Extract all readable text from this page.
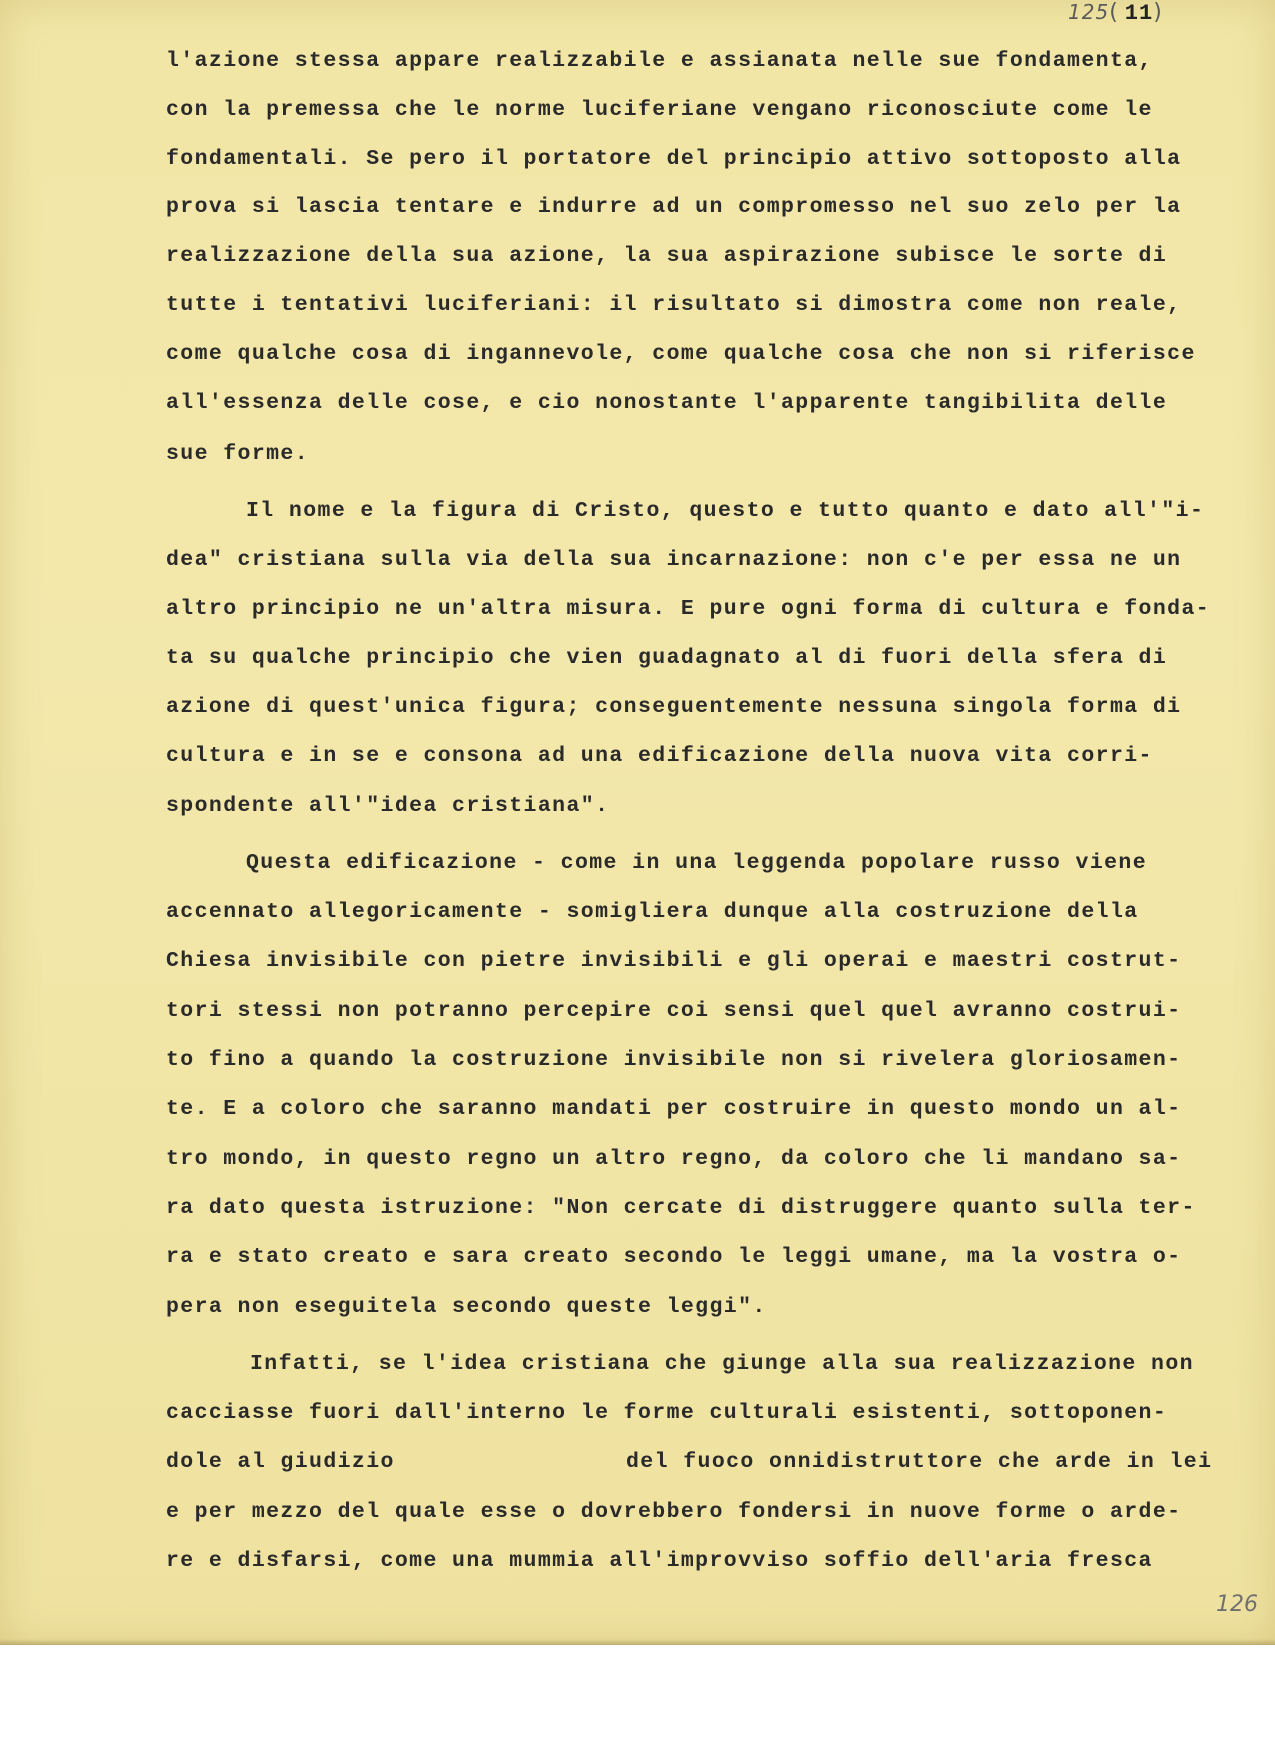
125( 11)
l'azione stessa appare realizzabile e assianata nelle sue fondamenta,
con la premessa che le norme luciferiane vengano riconosciute come le
fondamentali. Se pero il portatore del principio attivo sottoposto alla
prova si lascia tentare e indurre ad un compromesso nel suo zelo per la
realizzazione della sua azione, la sua aspirazione subisce le sorte di
tutte i tentativi luciferiani: il risultato si dimostra come non reale,
come qualche cosa di ingannevole, come qualche cosa che non si riferisce
all'essenza delle cose, e cio nonostante l'apparente tangibilita delle
sue forme.
Il nome e la figura di Cristo, questo e tutto quanto e dato all'"i-
dea" cristiana sulla via della sua incarnazione: non c'e per essa ne un
altro principio ne un'altra misura. E pure ogni forma di cultura e fonda-
ta su qualche principio che vien guadagnato al di fuori della sfera di
azione di quest'unica figura; conseguentemente nessuna singola forma di
cultura e in se e consona ad una edificazione della nuova vita corri-
spondente all'"idea cristiana".
Questa edificazione - come in una leggenda popolare russo viene
accennato allegoricamente - somigliera dunque alla costruzione della
Chiesa invisibile con pietre invisibili e gli operai e maestri costrut-
tori stessi non potranno percepire coi sensi quel quel avranno costrui-
to fino a quando la costruzione invisibile non si rivelera gloriosamen-
te. E a coloro che saranno mandati per costruire in questo mondo un al-
tro mondo, in questo regno un altro regno, da coloro che li mandano sa-
ra dato questa istruzione: "Non cercate di distruggere quanto sulla ter-
ra e stato creato e sara creato secondo le leggi umane, ma la vostra o-
pera non eseguitela secondo queste leggi".
Infatti, se l'idea cristiana che giunge alla sua realizzazione non
cacciasse fuori dall'interno le forme culturali esistenti, sottoponen-
dole al giudizio	del fuoco onnidistruttore che arde in lei
e per mezzo del quale esse o dovrebbero fondersi in nuove forme o arde-
re e disfarsi, come una mummia all'improvviso soffio dell'aria fresca
126
